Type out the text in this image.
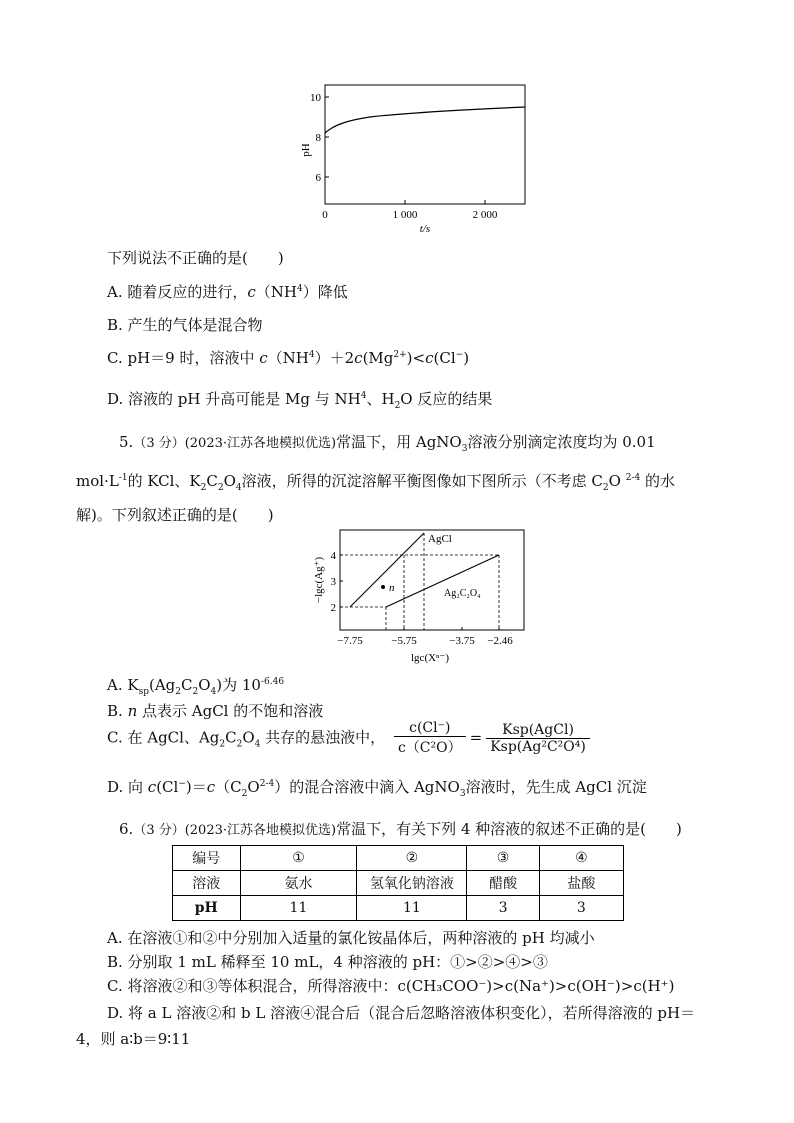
10
8
6
0	1 000	2 000
t/s
pH
下列说法不正确的是(　　)
A. 随着反应的进行，$c(NH^4)$降低
B. 产生的气体是混合物
C. pH＝9 时，溶液中 $c(NH^4)+2c(Mg^{2+})<c(Cl^-)$
D. 溶液的 pH 升高可能是 Mg 与 $NH^4$、$H_2O$ 反应的结果
5.（3 分）(2023·江苏各地模拟优选)常温下，用 AgNO$_3$溶液分别滴定浓度均为 0.01
$mol\cdot L^{-1}$的 KCl、$K_2C_2O_4$溶液，所得的沉淀溶解平衡图像如下图所示（不考虑 $C_2O$ $^{2-4}$ 的水
解)。下列叙述正确的是(　　)
4
3
2
−7.75	−5.75	−3.75 −2.46
lgc(Xⁿ⁻)
−lgc(Ag⁺)
AgCl
Ag₂C₂O₄
n
A. $K_{sp}(Ag_2C_2O_4)$为 $10^{-6.46}$
B. n 点表示 AgCl 的不饱和溶液
C. 在 AgCl、$Ag_2C_2O_4$ 共存的悬浊液中， $\frac{c(Cl^-)}{\text{c（C²O）}} = \frac{\text{Ksp(AgCl)}}{\text{Ksp(Ag²C²O⁴)}}$
D. 向 $c(Cl^-)=c(C_2O^{2-4})$的混合溶液中滴入 AgNO$_3$溶液时，先生成 AgCl 沉淀
6.（3 分）(2023·江苏各地模拟优选)常温下，有关下列 4 种溶液的叙述不正确的是(　　)
编号	①	②	③	④
溶液	氨水	氢氧化钠溶液	醋酸	盐酸
pH	11	11	3	3
A. 在溶液①和②中分别加入适量的氯化铵晶体后，两种溶液的 pH 均减小
B. 分别取 1 mL 稀释至 10 mL，4 种溶液的 pH：①>②>④>③
C. 将溶液②和③等体积混合，所得溶液中：c(CH₃COO⁻)>c(Na⁺)>c(OH⁻)>c(H⁺)
D. 将 a L 溶液②和 b L 溶液④混合后（混合后忽略溶液体积变化），若所得溶液的 pH＝
4，则 a∶b＝9∶11
